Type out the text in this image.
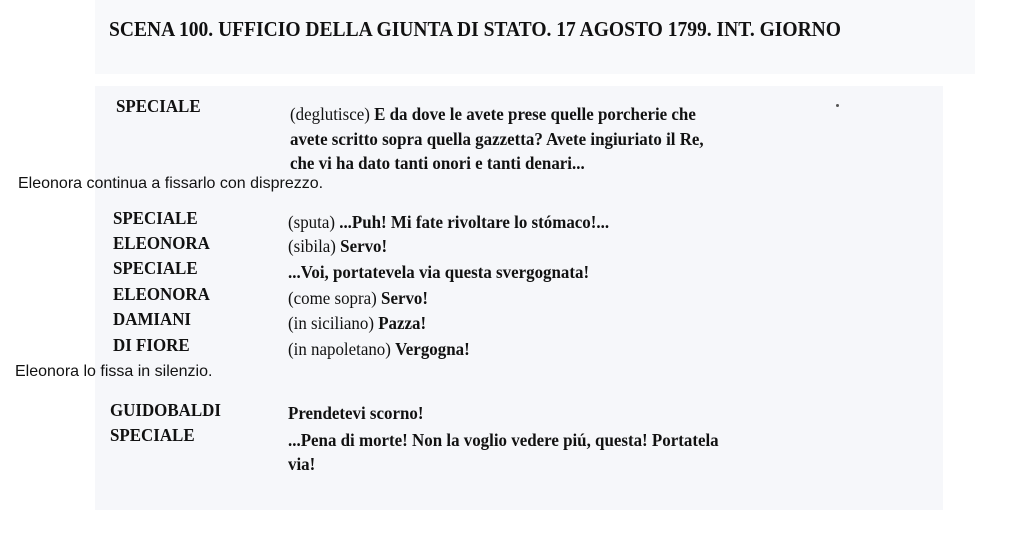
SCENA 100. UFFICIO DELLA GIUNTA DI STATO. 17 AGOSTO 1799. INT. GIORNO
SPECIALE	(deglutisce) E da dove le avete prese quelle porcherie che
avete scritto sopra quella gazzetta? Avete ingiuriato il Re,
che vi ha dato tanti onori e tanti denari...
Eleonora continua a fissarlo con disprezzo.
SPECIALE	(sputa) ...Puh! Mi fate rivoltare lo stómaco!...
ELEONORA	(sibila) Servo!
SPECIALE	...Voi, portatevela via questa svergognata!
ELEONORA	(come sopra) Servo!
DAMIANI	(in siciliano) Pazza!
DI FIORE	(in napoletano) Vergogna!
Eleonora lo fissa in silenzio.
GUIDOBALDI	Prendetevi scorno!
SPECIALE	...Pena di morte! Non la voglio vedere piú, questa! Portatela
via!
